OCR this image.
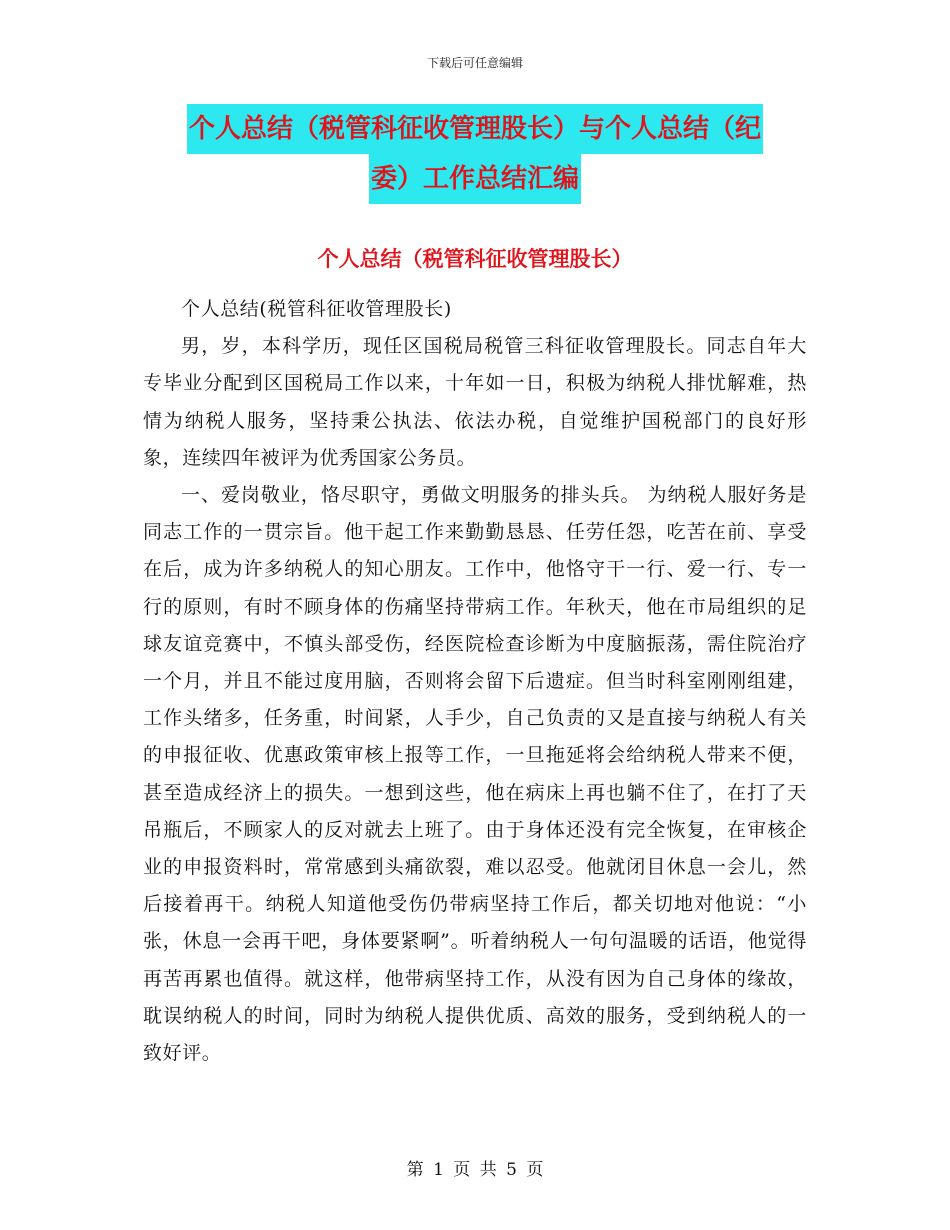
下载后可任意编辑
个人总结（税管科征收管理股长）与个人总结（纪
委）工作总结汇编
个人总结（税管科征收管理股长）

个人总结(税管科征收管理股长)

男，岁，本科学历，现任区国税局税管三科征收管理股长。同志自年大专毕业分配到区国税局工作以来，十年如一日，积极为纳税人排忧解难，热情为纳税人服务，坚持秉公执法、依法办税，自觉维护国税部门的良好形象，连续四年被评为优秀国家公务员。

一、爱岗敬业，恪尽职守，勇做文明服务的排头兵。 为纳税人服好务是同志工作的一贯宗旨。他干起工作来勤勤恳恳、任劳任怨，吃苦在前、享受在后，成为许多纳税人的知心朋友。工作中，他恪守干一行、爱一行、专一行的原则，有时不顾身体的伤痛坚持带病工作。年秋天，他在市局组织的足球友谊竞赛中，不慎头部受伤，经医院检查诊断为中度脑振荡，需住院治疗一个月，并且不能过度用脑，否则将会留下后遗症。但当时科室刚刚组建，工作头绪多，任务重，时间紧，人手少，自己负责的又是直接与纳税人有关的申报征收、优惠政策审核上报等工作，一旦拖延将会给纳税人带来不便，甚至造成经济上的损失。一想到这些，他在病床上再也躺不住了，在打了天吊瓶后，不顾家人的反对就去上班了。由于身体还没有完全恢复，在审核企业的申报资料时，常常感到头痛欲裂，难以忍受。他就闭目休息一会儿，然后接着再干。纳税人知道他受伤仍带病坚持工作后，都关切地对他说：“小张，休息一会再干吧，身体要紧啊”。听着纳税人一句句温暖的话语，他觉得再苦再累也值得。就这样，他带病坚持工作，从没有因为自己身体的缘故，耽误纳税人的时间，同时为纳税人提供优质、高效的服务，受到纳税人的一致好评。

第 1 页 共 5 页
